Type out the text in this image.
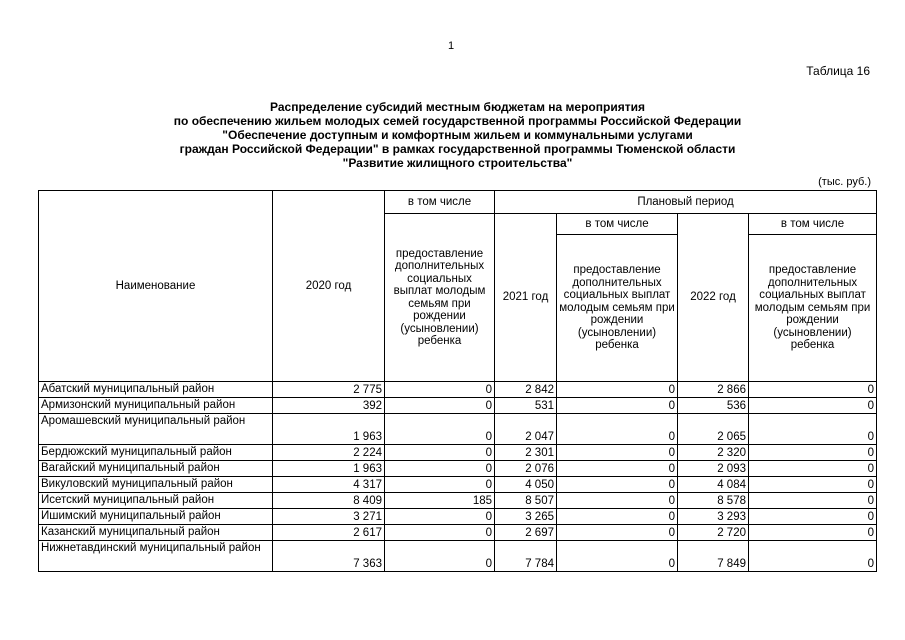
1
Таблица 16
Распределение субсидий местным бюджетам на мероприятия
по обеспечению жильем молодых семей государственной программы Российской Федерации
"Обеспечение доступным и комфортным жильем и коммунальными услугами
граждан Российской Федерации" в рамках государственной программы Тюменской области
"Развитие жилищного строительства"
(тыс. руб.)
Наименование	2020 год	в том числе	Плановый период			
		предоставление дополнительных социальных выплат молодым семьям при рождении (усыновлении) ребенка	2021 год	в том числе	2022 год	в том числе
				предоставление дополнительных социальных выплат молодым семьям при рождении (усыновлении) ребенка		предоставление дополнительных социальных выплат молодым семьям при рождении (усыновлении) ребенка
Абатский муниципальный район	2 775	0	2 842	0	2 866	0
Армизонский муниципальный район	392	0	531	0	536	0
Аромашевский муниципальный район	1 963	0	2 047	0	2 065	0
Бердюжский муниципальный район	2 224	0	2 301	0	2 320	0
Вагайский муниципальный район	1 963	0	2 076	0	2 093	0
Викуловский муниципальный район	4 317	0	4 050	0	4 084	0
Исетский муниципальный район	8 409	185	8 507	0	8 578	0
Ишимский муниципальный район	3 271	0	3 265	0	3 293	0
Казанский муниципальный район	2 617	0	2 697	0	2 720	0
Нижнетавдинский муниципальный район	7 363	0	7 784	0	7 849	0
